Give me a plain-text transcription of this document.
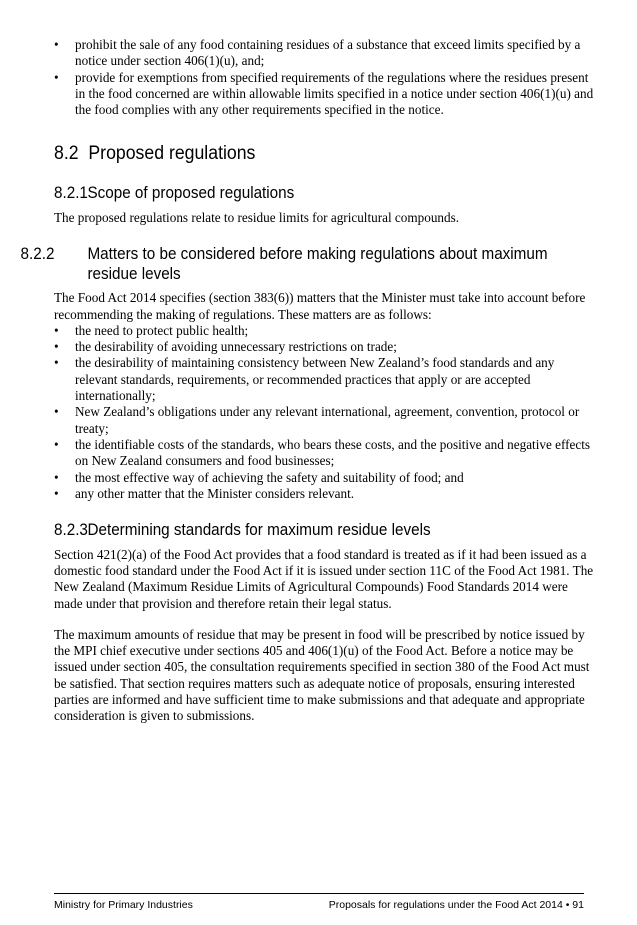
• prohibit the sale of any food containing residues of a substance that exceed limits specified by a notice under section 406(1)(u), and;
• provide for exemptions from specified requirements of the regulations where the residues present in the food concerned are within allowable limits specified in a notice under section 406(1)(u) and the food complies with any other requirements specified in the notice.
8.2 Proposed regulations
8.2.1Scope of proposed regulations

The proposed regulations relate to residue limits for agricultural compounds.

8.2.2 Matters to be considered before making regulations about maximum residue levels

The Food Act 2014 specifies (section 383(6)) matters that the Minister must take into account before recommending the making of regulations. These matters are as follows:

• the need to protect public health;
• the desirability of avoiding unnecessary restrictions on trade;
• the desirability of maintaining consistency between New Zealand’s food standards and any relevant standards, requirements, or recommended practices that apply or are accepted internationally;
• New Zealand’s obligations under any relevant international, agreement, convention, protocol or treaty;
• the identifiable costs of the standards, who bears these costs, and the positive and negative effects on New Zealand consumers and food businesses;
• the most effective way of achieving the safety and suitability of food; and
• any other matter that the Minister considers relevant.
8.2.3Determining standards for maximum residue levels

Section 421(2)(a) of the Food Act provides that a food standard is treated as if it had been issued as a domestic food standard under the Food Act if it is issued under section 11C of the Food Act 1981. The New Zealand (Maximum Residue Limits of Agricultural Compounds) Food Standards 2014 were made under that provision and therefore retain their legal status.

The maximum amounts of residue that may be present in food will be prescribed by notice issued by the MPI chief executive under sections 405 and 406(1)(u) of the Food Act. Before a notice may be issued under section 405, the consultation requirements specified in section 380 of the Food Act must be satisfied. That section requires matters such as adequate notice of proposals, ensuring interested parties are informed and have sufficient time to make submissions and that adequate and appropriate consideration is given to submissions.

Ministry for Primary Industries	Proposals for regulations under the Food Act 2014 • 91
